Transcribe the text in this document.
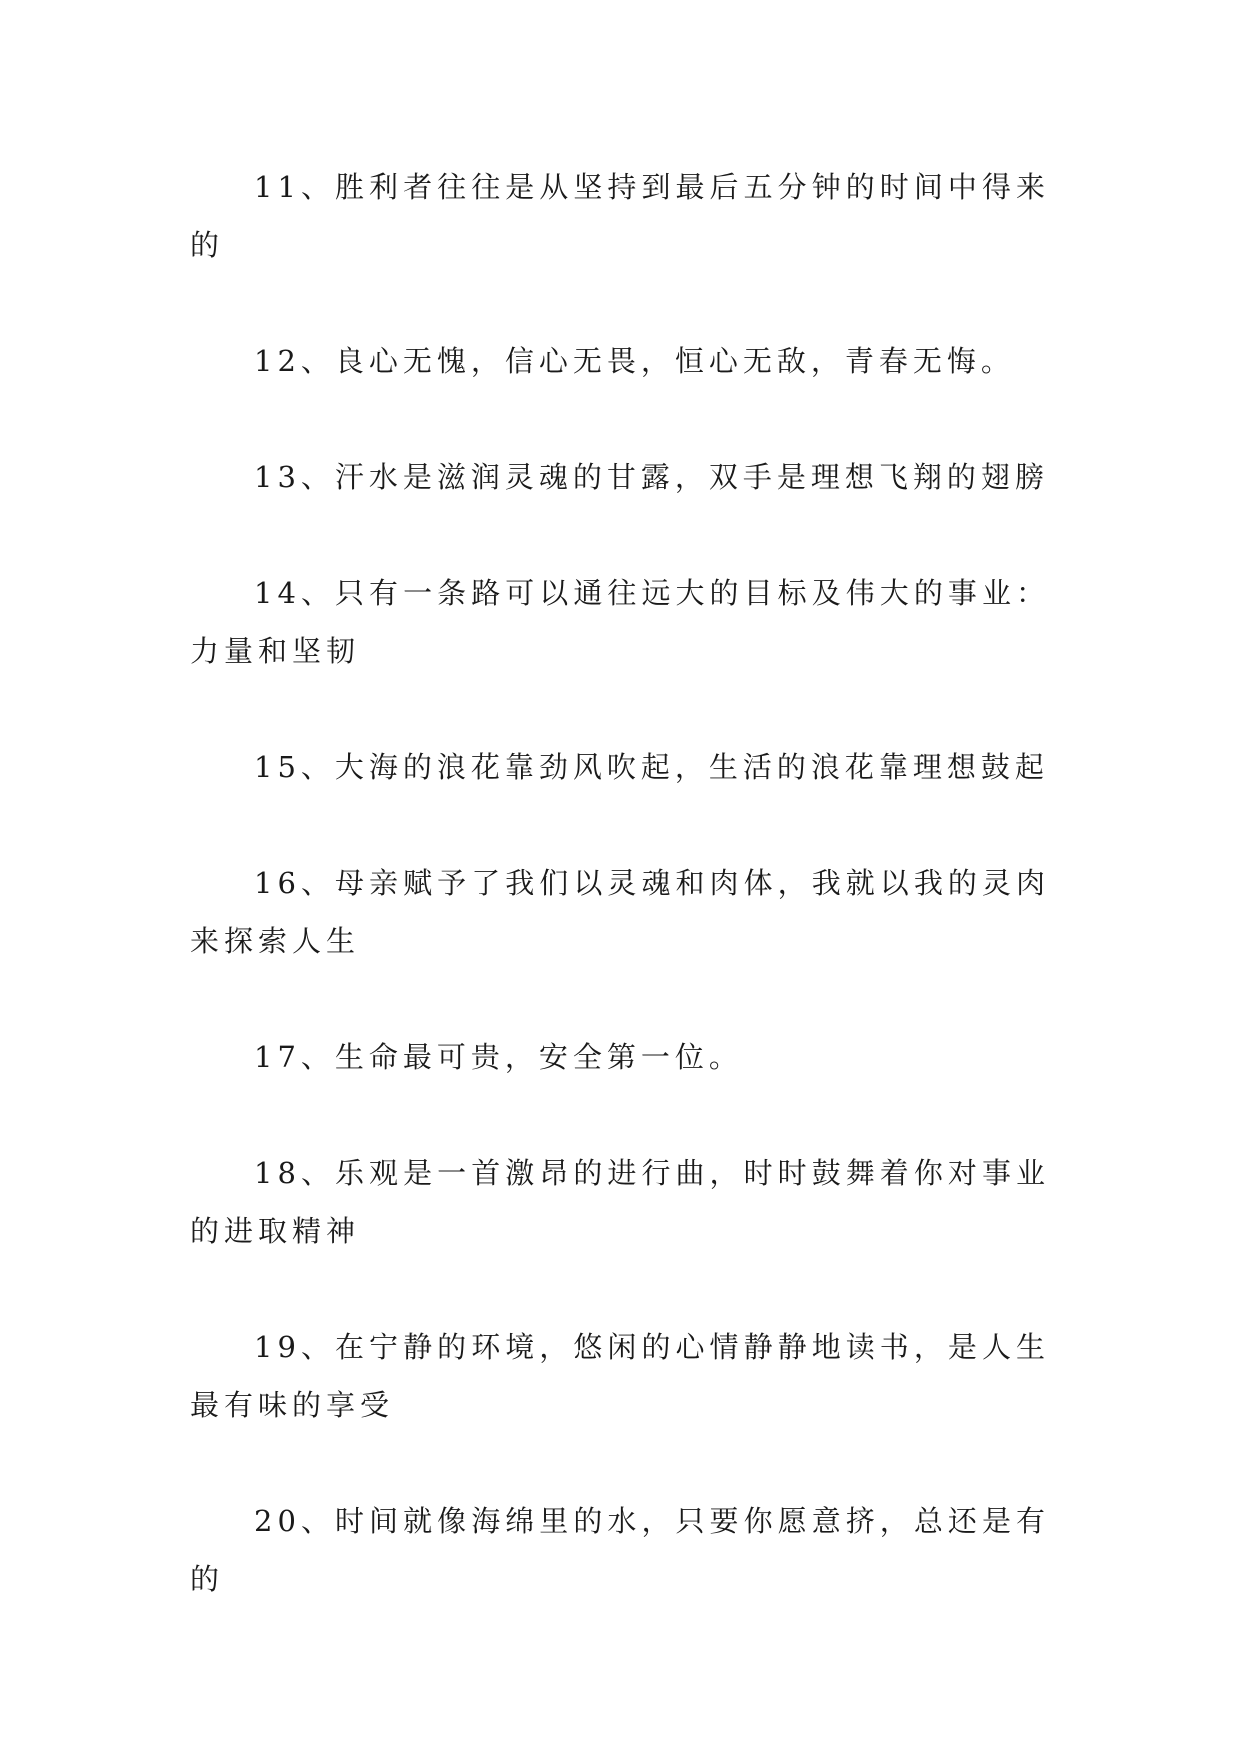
11、胜利者往往是从坚持到最后五分钟的时间中得来的

12、良心无愧，信心无畏，恒心无敌，青春无悔。

13、汗水是滋润灵魂的甘露，双手是理想飞翔的翅膀

14、只有一条路可以通往远大的目标及伟大的事业：力量和坚韧

15、大海的浪花靠劲风吹起，生活的浪花靠理想鼓起

16、母亲赋予了我们以灵魂和肉体，我就以我的灵肉来探索人生

17、生命最可贵，安全第一位。

18、乐观是一首激昂的进行曲，时时鼓舞着你对事业的进取精神

19、在宁静的环境，悠闲的心情静静地读书，是人生最有味的享受

20、时间就像海绵里的水，只要你愿意挤，总还是有的
